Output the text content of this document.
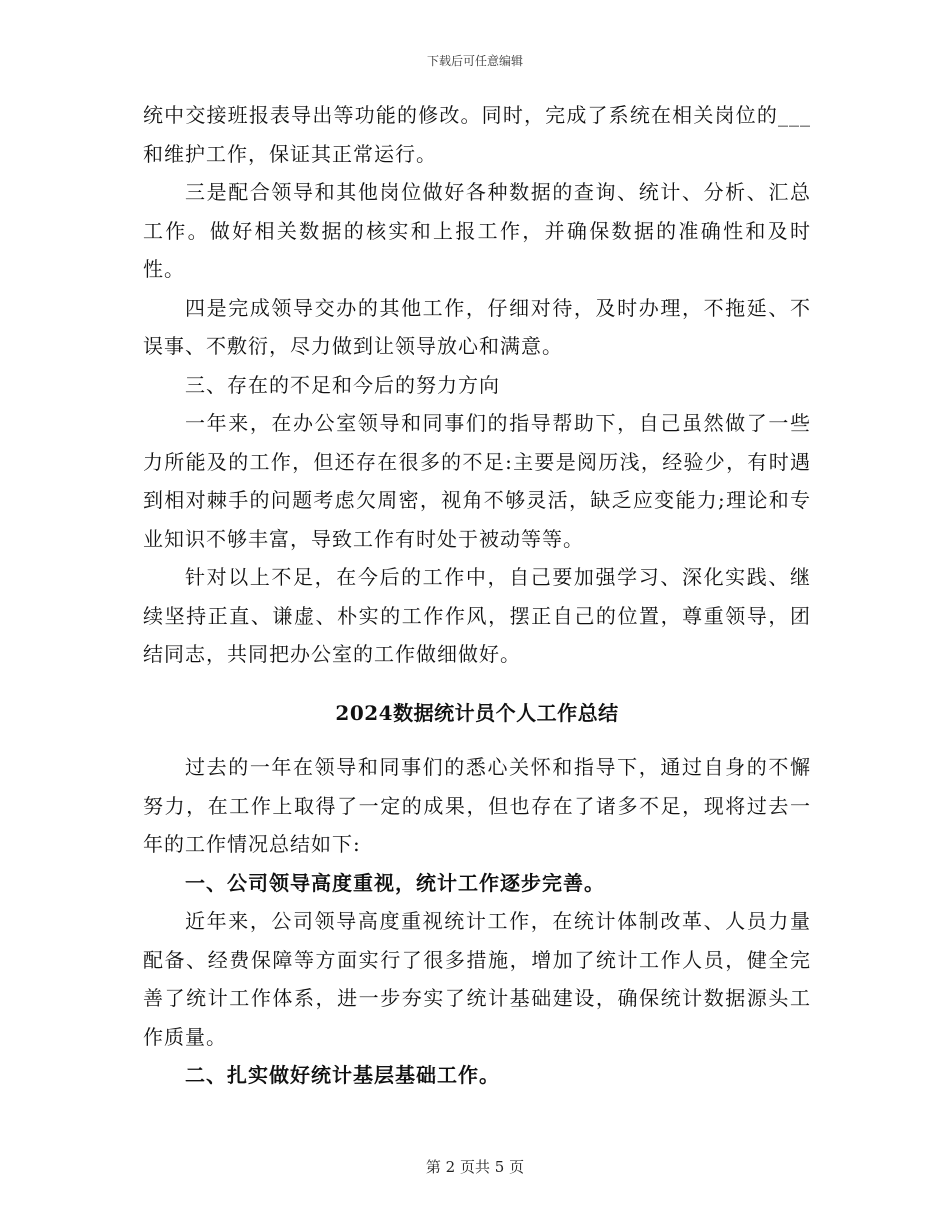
下载后可任意编辑

统中交接班报表导出等功能的修改。同时，完成了系统在相关岗位的___和维护工作，保证其正常运行。

三是配合领导和其他岗位做好各种数据的查询、统计、分析、汇总工作。做好相关数据的核实和上报工作，并确保数据的准确性和及时性。

四是完成领导交办的其他工作，仔细对待，及时办理，不拖延、不误事、不敷衍，尽力做到让领导放心和满意。

三、存在的不足和今后的努力方向

一年来，在办公室领导和同事们的指导帮助下，自己虽然做了一些力所能及的工作，但还存在很多的不足:主要是阅历浅，经验少，有时遇到相对棘手的问题考虑欠周密，视角不够灵活，缺乏应变能力;理论和专业知识不够丰富，导致工作有时处于被动等等。

针对以上不足，在今后的工作中，自己要加强学习、深化实践、继续坚持正直、谦虚、朴实的工作作风，摆正自己的位置，尊重领导，团结同志，共同把办公室的工作做细做好。

2024数据统计员个人工作总结

过去的一年在领导和同事们的悉心关怀和指导下，通过自身的不懈努力，在工作上取得了一定的成果，但也存在了诸多不足，现将过去一年的工作情况总结如下:

一、公司领导高度重视，统计工作逐步完善。

近年来，公司领导高度重视统计工作，在统计体制改革、人员力量配备、经费保障等方面实行了很多措施，增加了统计工作人员，健全完善了统计工作体系，进一步夯实了统计基础建设，确保统计数据源头工作质量。

二、扎实做好统计基层基础工作。

第 2 页共 5 页
